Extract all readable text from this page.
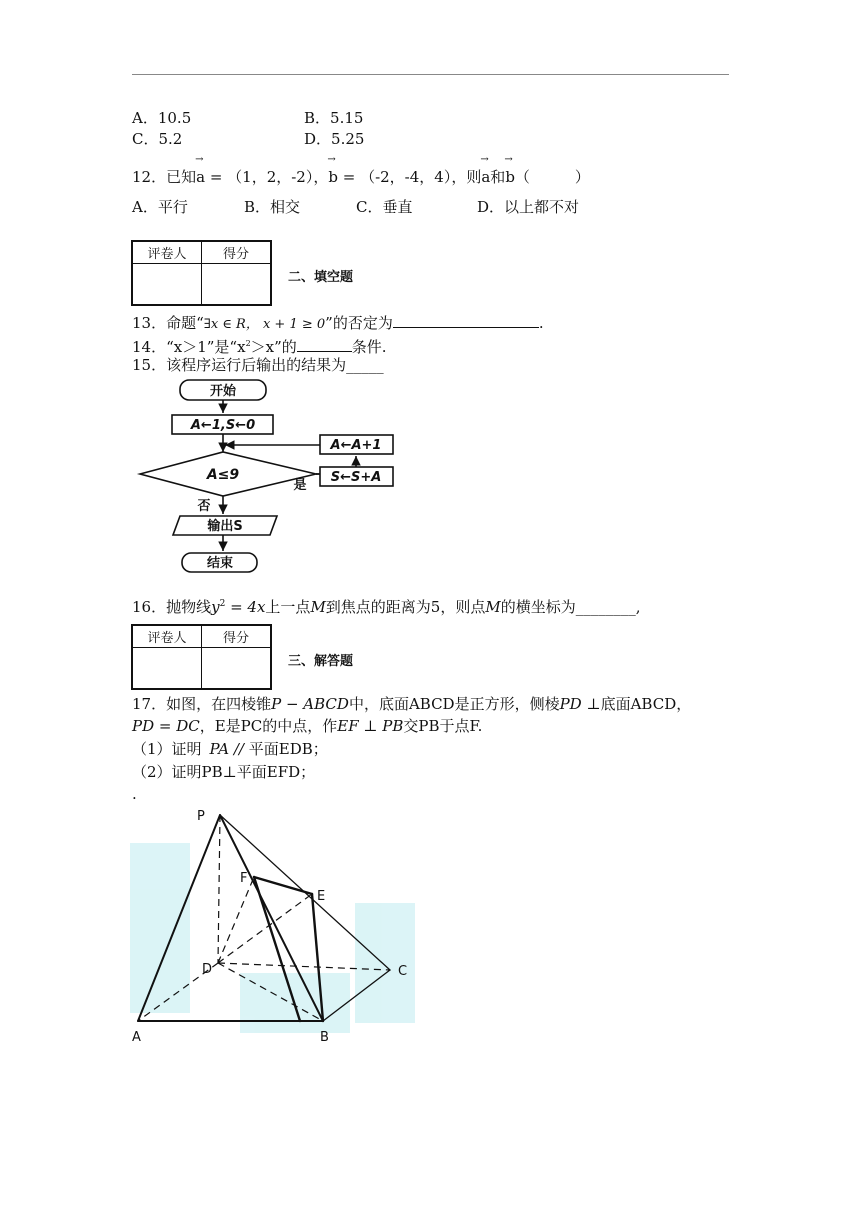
A．10.5	B．5.15
C．5.2	D．5.25
12．已知→ a = （1，2，-2），→ b = （-2，-4，4），则→ a和→ b（　　　）
A．平行	B．相交	C．垂直	D．以上都不对
评卷人	得分

二、填空题
13．命题“∃x ∈ R， x + 1 ≥ 0”的否定为	.
14．“x＞1”是“$x^2>x$”的	条件.
15．该程序运行后输出的结果为_____
开始
A←1,S←0
A≤9	S←S+A
A←A+1
是
否
输出S
结束
16．抛物线$y^2 = 4x$上一点M到焦点的距离为5，则点M的横坐标为________,
评卷人	得分

三、解答题
17．如图，在四棱锥P − ABCD中，底面ABCD是正方形，侧棱PD ⊥底面ABCD，
PD = DC，E是PC的中点，作EF ⊥ PB交PB于点F.
（1）证明 PA // 平面EDB；
（2）证明PB⊥平面EFD；
.
P
F
E
D	C
A	B
